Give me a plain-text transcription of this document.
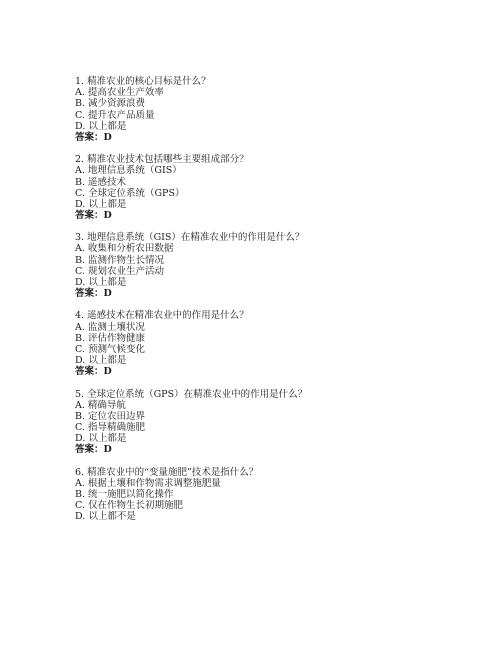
1. 精准农业的核心目标是什么？
A. 提高农业生产效率
B. 减少资源浪费
C. 提升农产品质量
D. 以上都是
答案：D
2. 精准农业技术包括哪些主要组成部分？
A. 地理信息系统（GIS）
B. 遥感技术
C. 全球定位系统（GPS）
D. 以上都是
答案：D
3. 地理信息系统（GIS）在精准农业中的作用是什么？
A. 收集和分析农田数据
B. 监测作物生长情况
C. 规划农业生产活动
D. 以上都是
答案：D
4. 遥感技术在精准农业中的作用是什么？
A. 监测土壤状况
B. 评估作物健康
C. 预测气候变化
D. 以上都是
答案：D
5. 全球定位系统（GPS）在精准农业中的作用是什么？
A. 精确导航
B. 定位农田边界
C. 指导精确施肥
D. 以上都是
答案：D
6. 精准农业中的“变量施肥”技术是指什么？
A. 根据土壤和作物需求调整施肥量
B. 统一施肥以简化操作
C. 仅在作物生长初期施肥
D. 以上都不是
